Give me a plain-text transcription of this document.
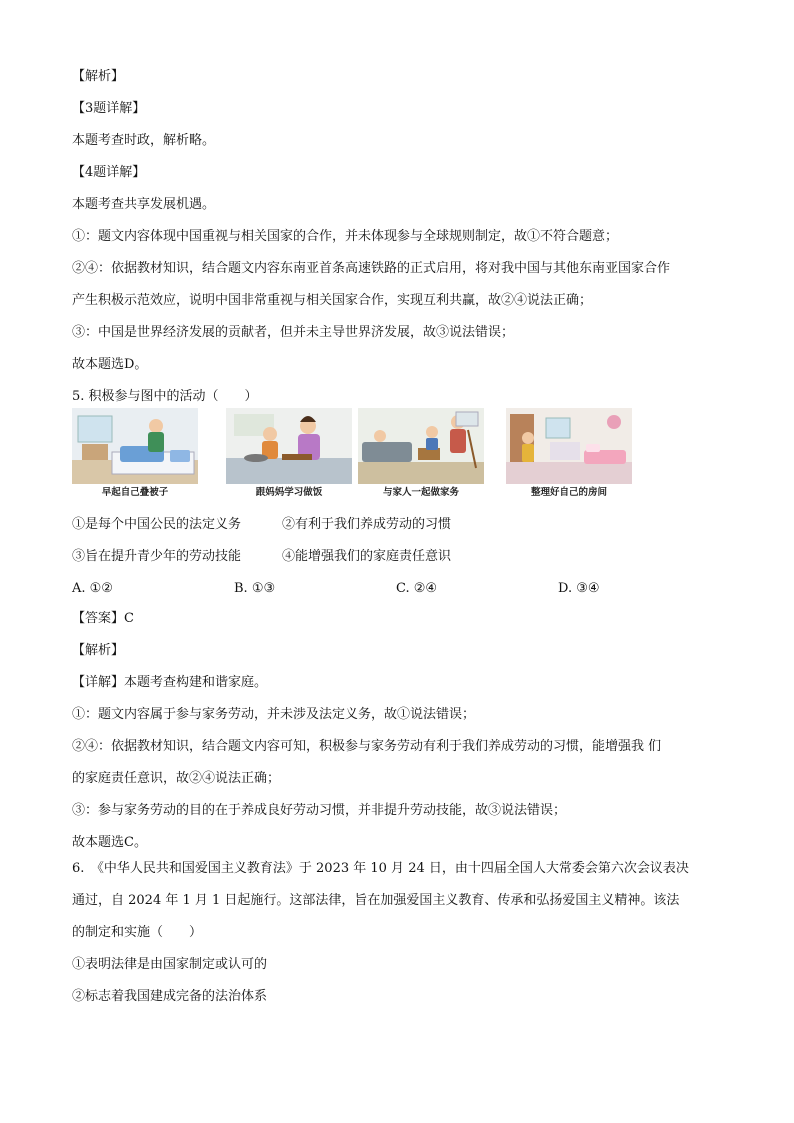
【解析】
【3题详解】
本题考查时政，解析略。
【4题详解】
本题考查共享发展机遇。
①：题文内容体现中国重视与相关国家的合作，并未体现参与全球规则制定，故①不符合题意；
②④：依据教材知识，结合题文内容东南亚首条高速铁路的正式启用，将对我中国与其他东南亚国家合作
产生积极示范效应，说明中国非常重视与相关国家合作，实现互利共赢，故②④说法正确；
③：中国是世界经济发展的贡献者，但并未主导世界济发展，故③说法错误；
故本题选D。
5. 积极参与图中的活动（　　）
早起自己叠被子	跟妈妈学习做饭	与家人一起做家务	整理好自己的房间
①是每个中国公民的法定义务	②有利于我们养成劳动的习惯
③旨在提升青少年的劳动技能	④能增强我们的家庭责任意识
A. ①②	B. ①③	C. ②④	D. ③④
【答案】C
【解析】
【详解】本题考查构建和谐家庭。
①：题文内容属于参与家务劳动，并未涉及法定义务，故①说法错误；
②④：依据教材知识，结合题文内容可知，积极参与家务劳动有利于我们养成劳动的习惯，能增强我 们
的家庭责任意识，故②④说法正确；
③：参与家务劳动的目的在于养成良好劳动习惯，并非提升劳动技能，故③说法错误；
故本题选C。
6.　《中华人民共和国爱国主义教育法》于 2023 年 10 月 24 日，由十四届全国人大常委会第六次会议表决
通过，自 2024 年 1 月 1 日起施行。这部法律，旨在加强爱国主义教育、传承和弘扬爱国主义精神。该法
的制定和实施（　　）
①表明法律是由国家制定或认可的
②标志着我国建成完备的法治体系
